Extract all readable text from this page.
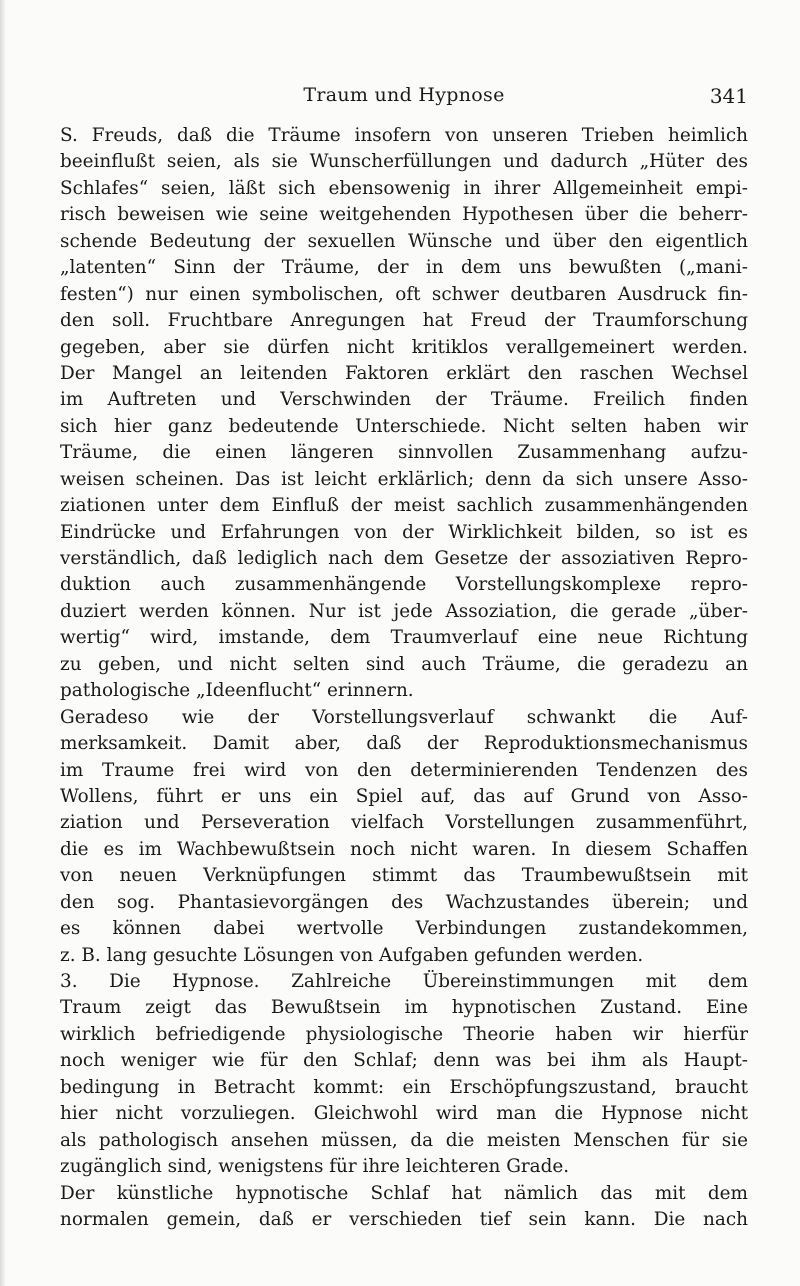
Traum und Hypnose	341
S. Freuds, daß die Träume insofern von unseren Trieben heimlich
beeinflußt seien, als sie Wunscherfüllungen und dadurch „Hüter des
Schlafes“ seien, läßt sich ebensowenig in ihrer Allgemeinheit empi-
risch beweisen wie seine weitgehenden Hypothesen über die beherr-
schende Bedeutung der sexuellen Wünsche und über den eigentlich
„latenten“ Sinn der Träume, der in dem uns bewußten („mani-
festen“) nur einen symbolischen, oft schwer deutbaren Ausdruck fin-
den soll. Fruchtbare Anregungen hat Freud der Traumforschung
gegeben, aber sie dürfen nicht kritiklos verallgemeinert werden.
Der Mangel an leitenden Faktoren erklärt den raschen Wechsel
im Auftreten und Verschwinden der Träume. Freilich finden
sich hier ganz bedeutende Unterschiede. Nicht selten haben wir
Träume, die einen längeren sinnvollen Zusammenhang aufzu-
weisen scheinen. Das ist leicht erklärlich; denn da sich unsere Asso-
ziationen unter dem Einfluß der meist sachlich zusammenhängenden
Eindrücke und Erfahrungen von der Wirklichkeit bilden, so ist es
verständlich, daß lediglich nach dem Gesetze der assoziativen Repro-
duktion auch zusammenhängende Vorstellungskomplexe repro-
duziert werden können. Nur ist jede Assoziation, die gerade „über-
wertig“ wird, imstande, dem Traumverlauf eine neue Richtung
zu geben, und nicht selten sind auch Träume, die geradezu an
pathologische „Ideenflucht“ erinnern.
Geradeso wie der Vorstellungsverlauf schwankt die Auf-
merksamkeit. Damit aber, daß der Reproduktionsmechanismus
im Traume frei wird von den determinierenden Tendenzen des
Wollens, führt er uns ein Spiel auf, das auf Grund von Asso-
ziation und Perseveration vielfach Vorstellungen zusammenführt,
die es im Wachbewußtsein noch nicht waren. In diesem Schaffen
von neuen Verknüpfungen stimmt das Traumbewußtsein mit
den sog. Phantasievorgängen des Wachzustandes überein; und
es können dabei wertvolle Verbindungen zustandekommen,
z. B. lang gesuchte Lösungen von Aufgaben gefunden werden.
3. Die Hypnose. Zahlreiche Übereinstimmungen mit dem
Traum zeigt das Bewußtsein im hypnotischen Zustand. Eine
wirklich befriedigende physiologische Theorie haben wir hierfür
noch weniger wie für den Schlaf; denn was bei ihm als Haupt-
bedingung in Betracht kommt: ein Erschöpfungszustand, braucht
hier nicht vorzuliegen. Gleichwohl wird man die Hypnose nicht
als pathologisch ansehen müssen, da die meisten Menschen für sie
zugänglich sind, wenigstens für ihre leichteren Grade.
Der künstliche hypnotische Schlaf hat nämlich das mit dem
normalen gemein, daß er verschieden tief sein kann. Die nach
